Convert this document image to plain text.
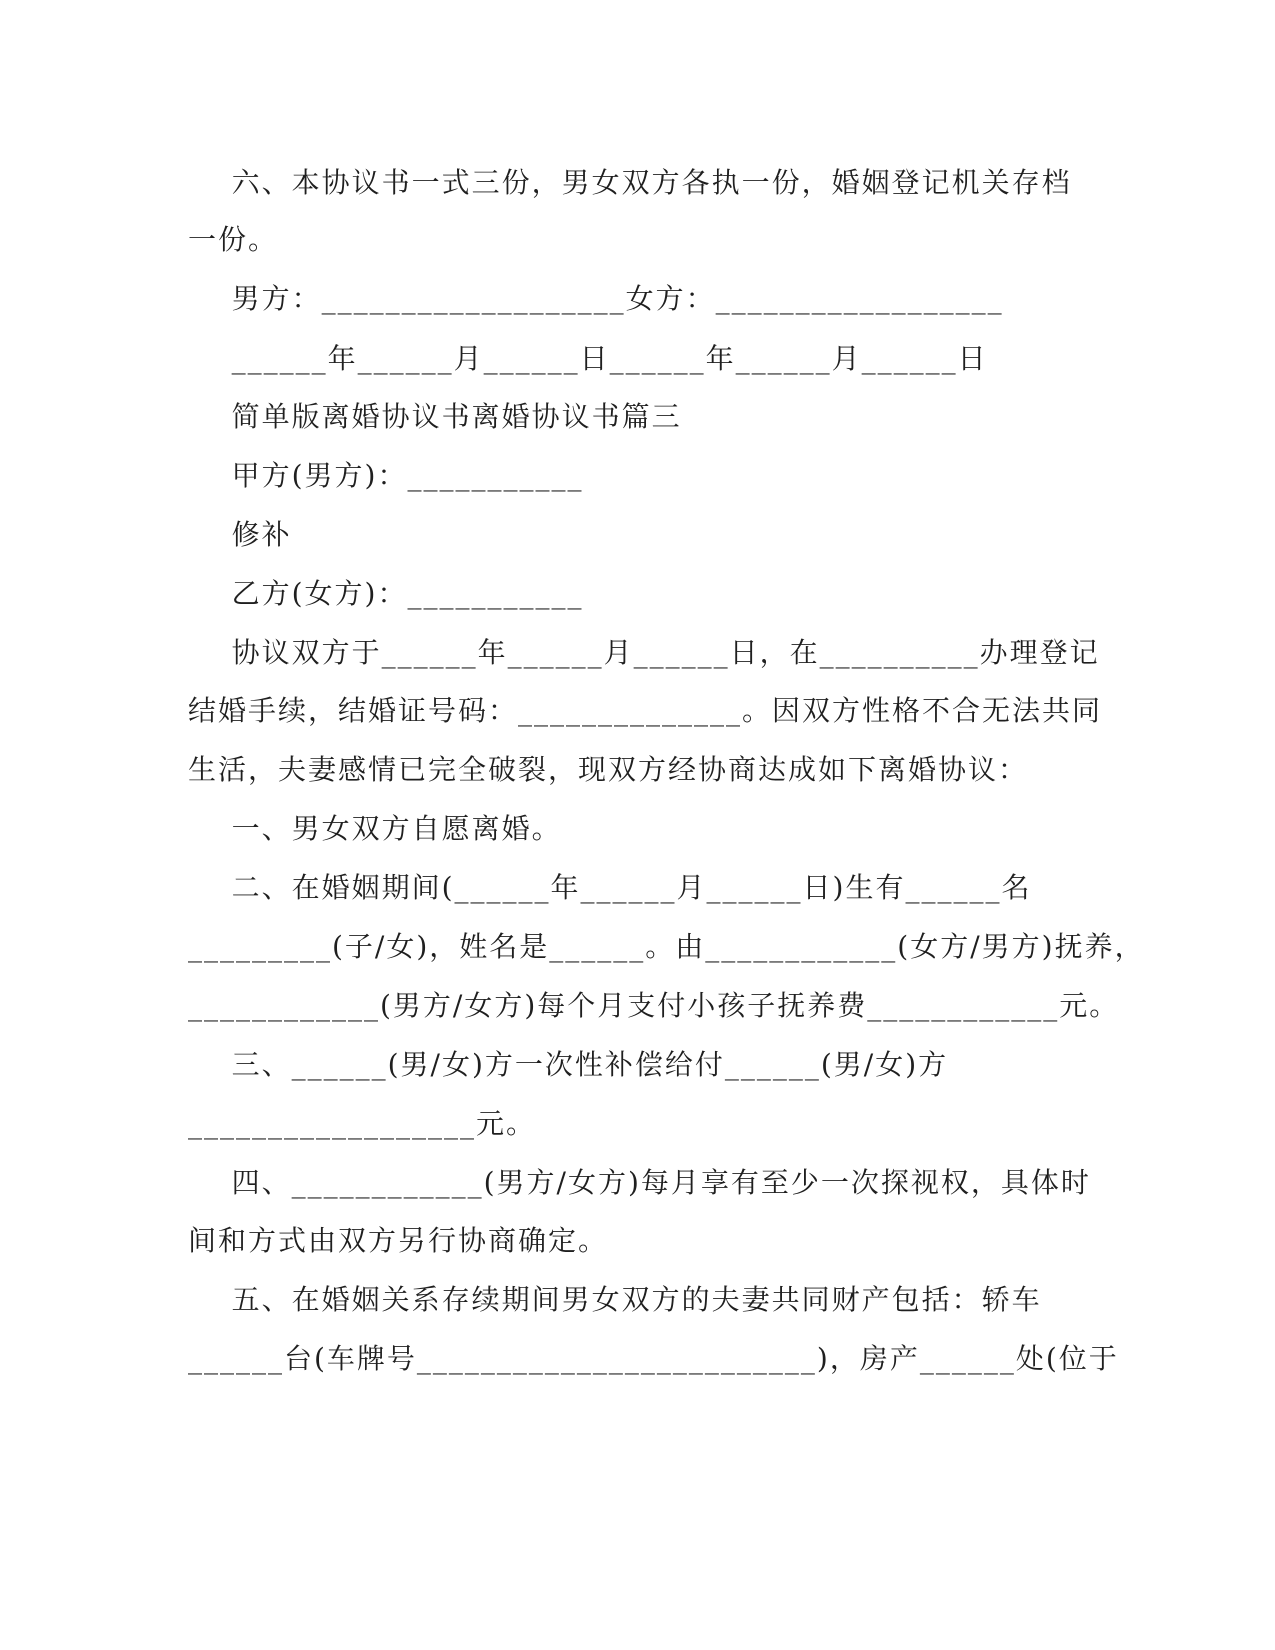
六、本协议书一式三份，男女双方各执一份，婚姻登记机关存档
一份。
男方：___________________女方：__________________
______年______月______日______年______月______日
简单版离婚协议书离婚协议书篇三
甲方(男方)：___________
修补
乙方(女方)：___________
协议双方于______年______月______日，在__________办理登记
结婚手续，结婚证号码：______________。因双方性格不合无法共同
生活，夫妻感情已完全破裂，现双方经协商达成如下离婚协议：
一、男女双方自愿离婚。
二、在婚姻期间(______年______月______日)生有______名
_________(子/女)，姓名是______。由____________(女方/男方)抚养，
____________(男方/女方)每个月支付小孩子抚养费____________元。
三、______(男/女)方一次性补偿给付______(男/女)方
__________________元。
四、____________(男方/女方)每月享有至少一次探视权，具体时
间和方式由双方另行协商确定。
五、在婚姻关系存续期间男女双方的夫妻共同财产包括：轿车
______台(车牌号_________________________)，房产______处(位于
